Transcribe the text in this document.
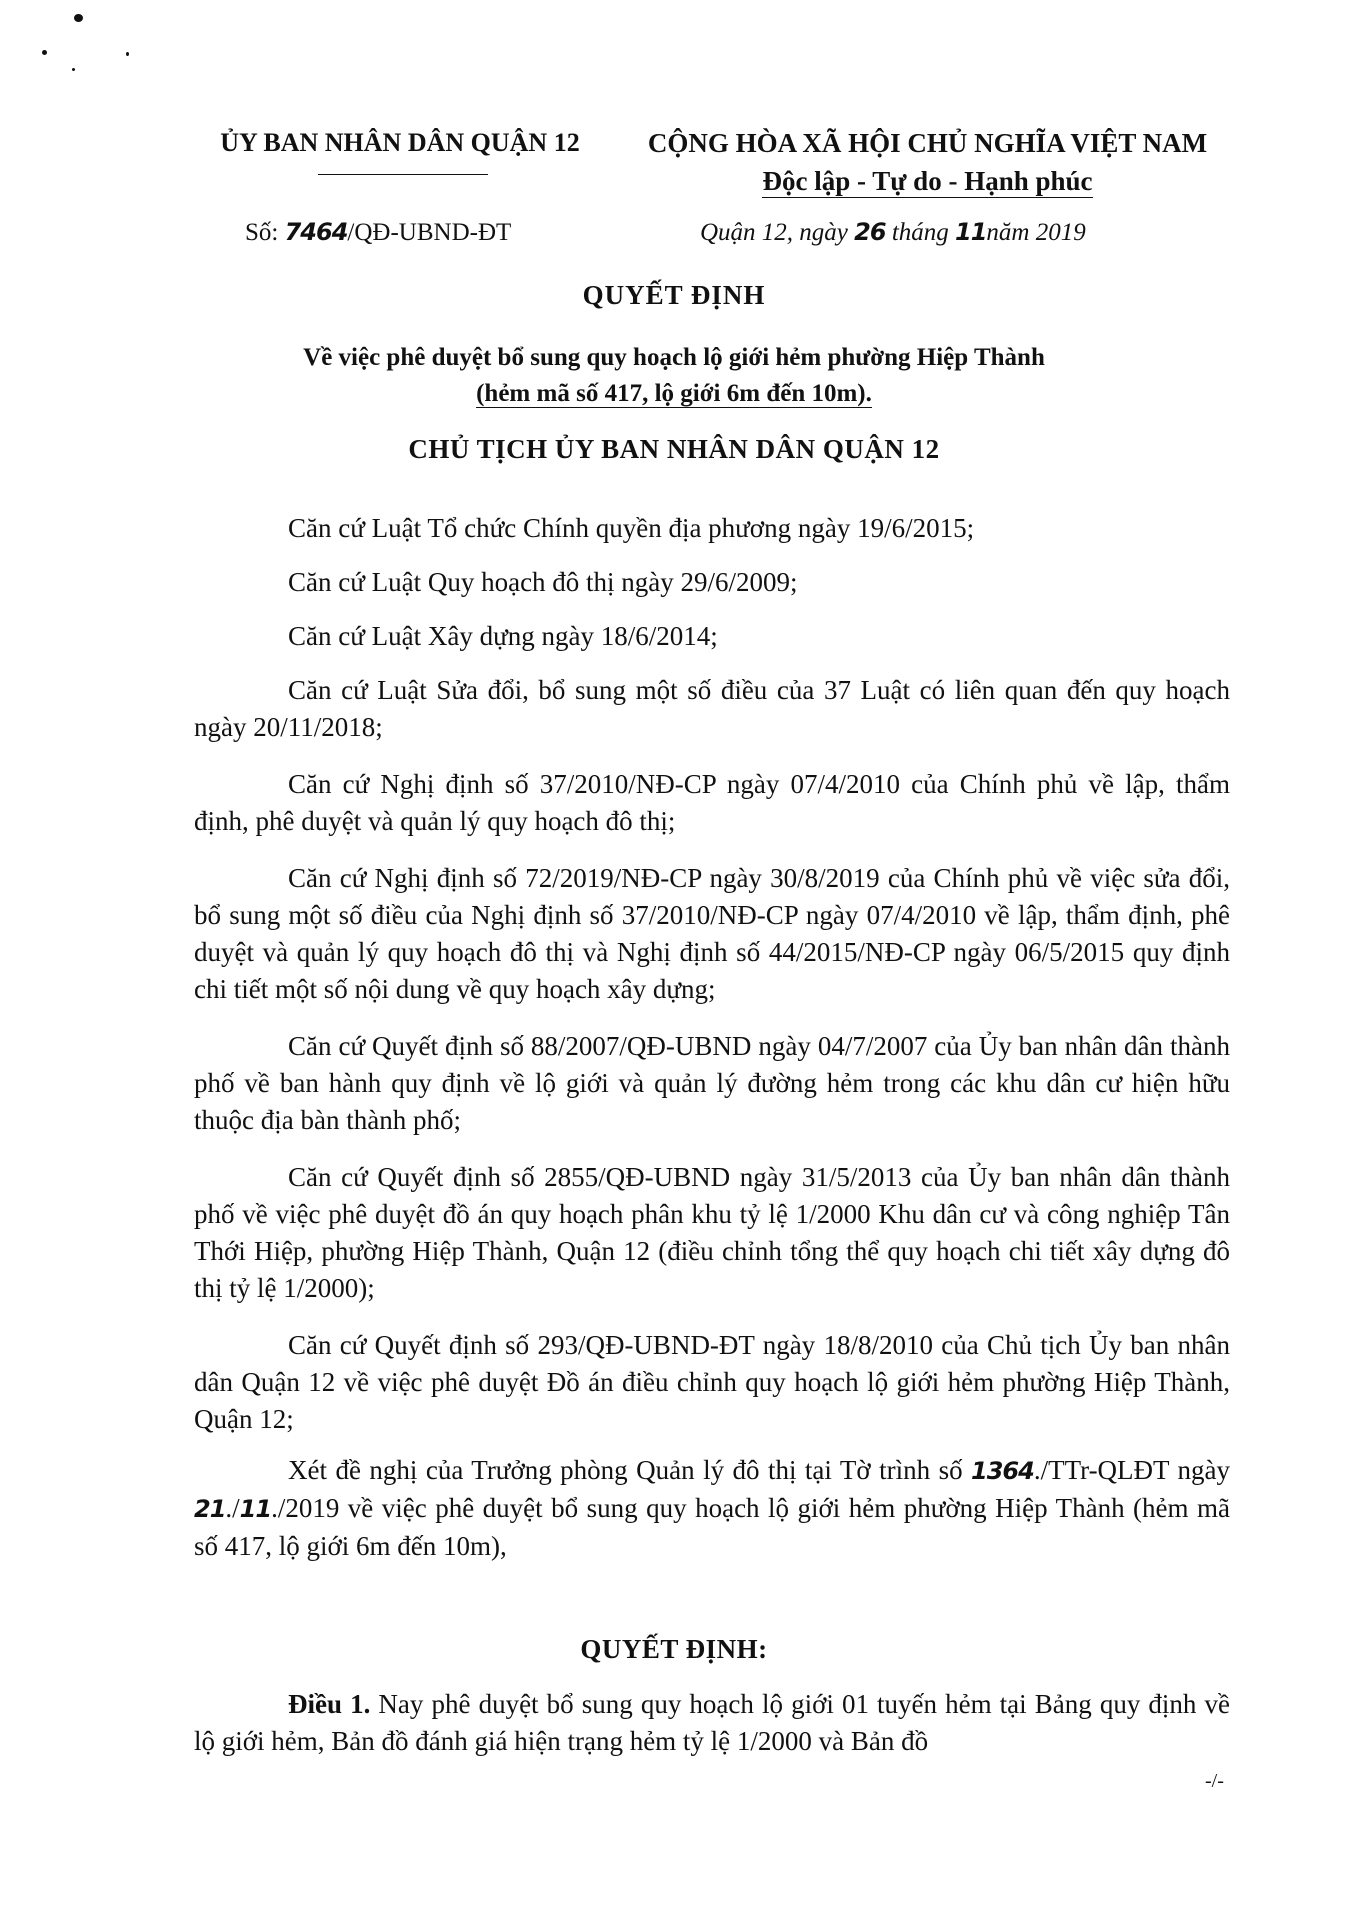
ỦY BAN NHÂN DÂN QUẬN 12	CỘNG HÒA XÃ HỘI CHỦ NGHĨA VIỆT NAM
Độc lập - Tự do - Hạnh phúc
Số: 7464/QĐ-UBND-ĐT	Quận 12, ngày 26 tháng 11năm 2019
QUYẾT ĐỊNH
Về việc phê duyệt bổ sung quy hoạch lộ giới hẻm phường Hiệp Thành
(hẻm mã số 417, lộ giới 6m đến 10m).
CHỦ TỊCH ỦY BAN NHÂN DÂN QUẬN 12

Căn cứ Luật Tổ chức Chính quyền địa phương ngày 19/6/2015;

Căn cứ Luật Quy hoạch đô thị ngày 29/6/2009;

Căn cứ Luật Xây dựng ngày 18/6/2014;

Căn cứ Luật Sửa đổi, bổ sung một số điều của 37 Luật có liên quan đến quy hoạch ngày 20/11/2018;

Căn cứ Nghị định số 37/2010/NĐ-CP ngày 07/4/2010 của Chính phủ về lập, thẩm định, phê duyệt và quản lý quy hoạch đô thị;

Căn cứ Nghị định số 72/2019/NĐ-CP ngày 30/8/2019 của Chính phủ về việc sửa đổi, bổ sung một số điều của Nghị định số 37/2010/NĐ-CP ngày 07/4/2010 về lập, thẩm định, phê duyệt và quản lý quy hoạch đô thị và Nghị định số 44/2015/NĐ-CP ngày 06/5/2015 quy định chi tiết một số nội dung về quy hoạch xây dựng;

Căn cứ Quyết định số 88/2007/QĐ-UBND ngày 04/7/2007 của Ủy ban nhân dân thành phố về ban hành quy định về lộ giới và quản lý đường hẻm trong các khu dân cư hiện hữu thuộc địa bàn thành phố;

Căn cứ Quyết định số 2855/QĐ-UBND ngày 31/5/2013 của Ủy ban nhân dân thành phố về việc phê duyệt đồ án quy hoạch phân khu tỷ lệ 1/2000 Khu dân cư và công nghiệp Tân Thới Hiệp, phường Hiệp Thành, Quận 12 (điều chỉnh tổng thể quy hoạch chi tiết xây dựng đô thị tỷ lệ 1/2000);

Căn cứ Quyết định số 293/QĐ-UBND-ĐT ngày 18/8/2010 của Chủ tịch Ủy ban nhân dân Quận 12 về việc phê duyệt Đồ án điều chỉnh quy hoạch lộ giới hẻm phường Hiệp Thành, Quận 12;

Xét đề nghị của Trưởng phòng Quản lý đô thị tại Tờ trình số 1364./TTr-QLĐT ngày 21./11./2019 về việc phê duyệt bổ sung quy hoạch lộ giới hẻm phường Hiệp Thành (hẻm mã số 417, lộ giới 6m đến 10m),

QUYẾT ĐỊNH:

Điều 1. Nay phê duyệt bổ sung quy hoạch lộ giới 01 tuyến hẻm tại Bảng quy định về lộ giới hẻm, Bản đồ đánh giá hiện trạng hẻm tỷ lệ 1/2000 và Bản đồ

-/-
